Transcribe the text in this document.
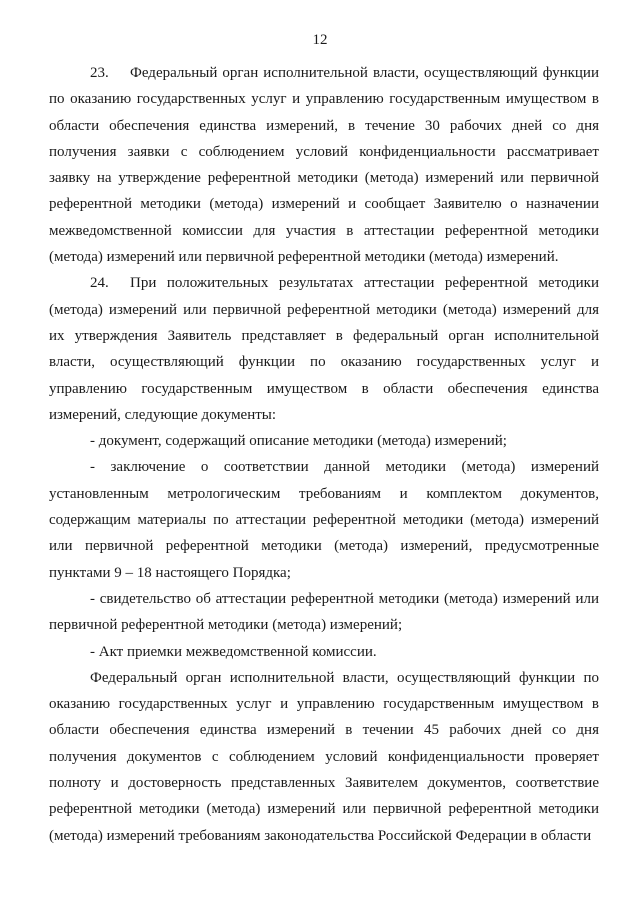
12

23. Федеральный орган исполнительной власти, осуществляющий функции по оказанию государственных услуг и управлению государственным имуществом в области обеспечения единства измерений, в течение 30 рабочих дней со дня получения заявки с соблюдением условий конфиденциальности рассматривает заявку на утверждение референтной методики (метода) измерений или первичной референтной методики (метода) измерений и сообщает Заявителю о назначении межведомственной комиссии для участия в аттестации референтной методики (метода) измерений или первичной референтной методики (метода) измерений.

24. При положительных результатах аттестации референтной методики (метода) измерений или первичной референтной методики (метода) измерений для их утверждения Заявитель представляет в федеральный орган исполнительной власти, осуществляющий функции по оказанию государственных услуг и управлению государственным имуществом в области обеспечения единства измерений, следующие документы:

- документ, содержащий описание методики (метода) измерений;

- заключение о соответствии данной методики (метода) измерений установленным метрологическим требованиям и комплектом документов, содержащим материалы по аттестации референтной методики (метода) измерений или первичной референтной методики (метода) измерений, предусмотренные пунктами 9 – 18 настоящего Порядка;

- свидетельство об аттестации референтной методики (метода) измерений или первичной референтной методики (метода) измерений;

- Акт приемки межведомственной комиссии.

Федеральный орган исполнительной власти, осуществляющий функции по оказанию государственных услуг и управлению государственным имуществом в области обеспечения единства измерений в течении 45 рабочих дней со дня получения документов с соблюдением условий конфиденциальности проверяет полноту и достоверность представленных Заявителем документов, соответствие референтной методики (метода) измерений или первичной референтной методики (метода) измерений требованиям законодательства Российской Федерации в области
